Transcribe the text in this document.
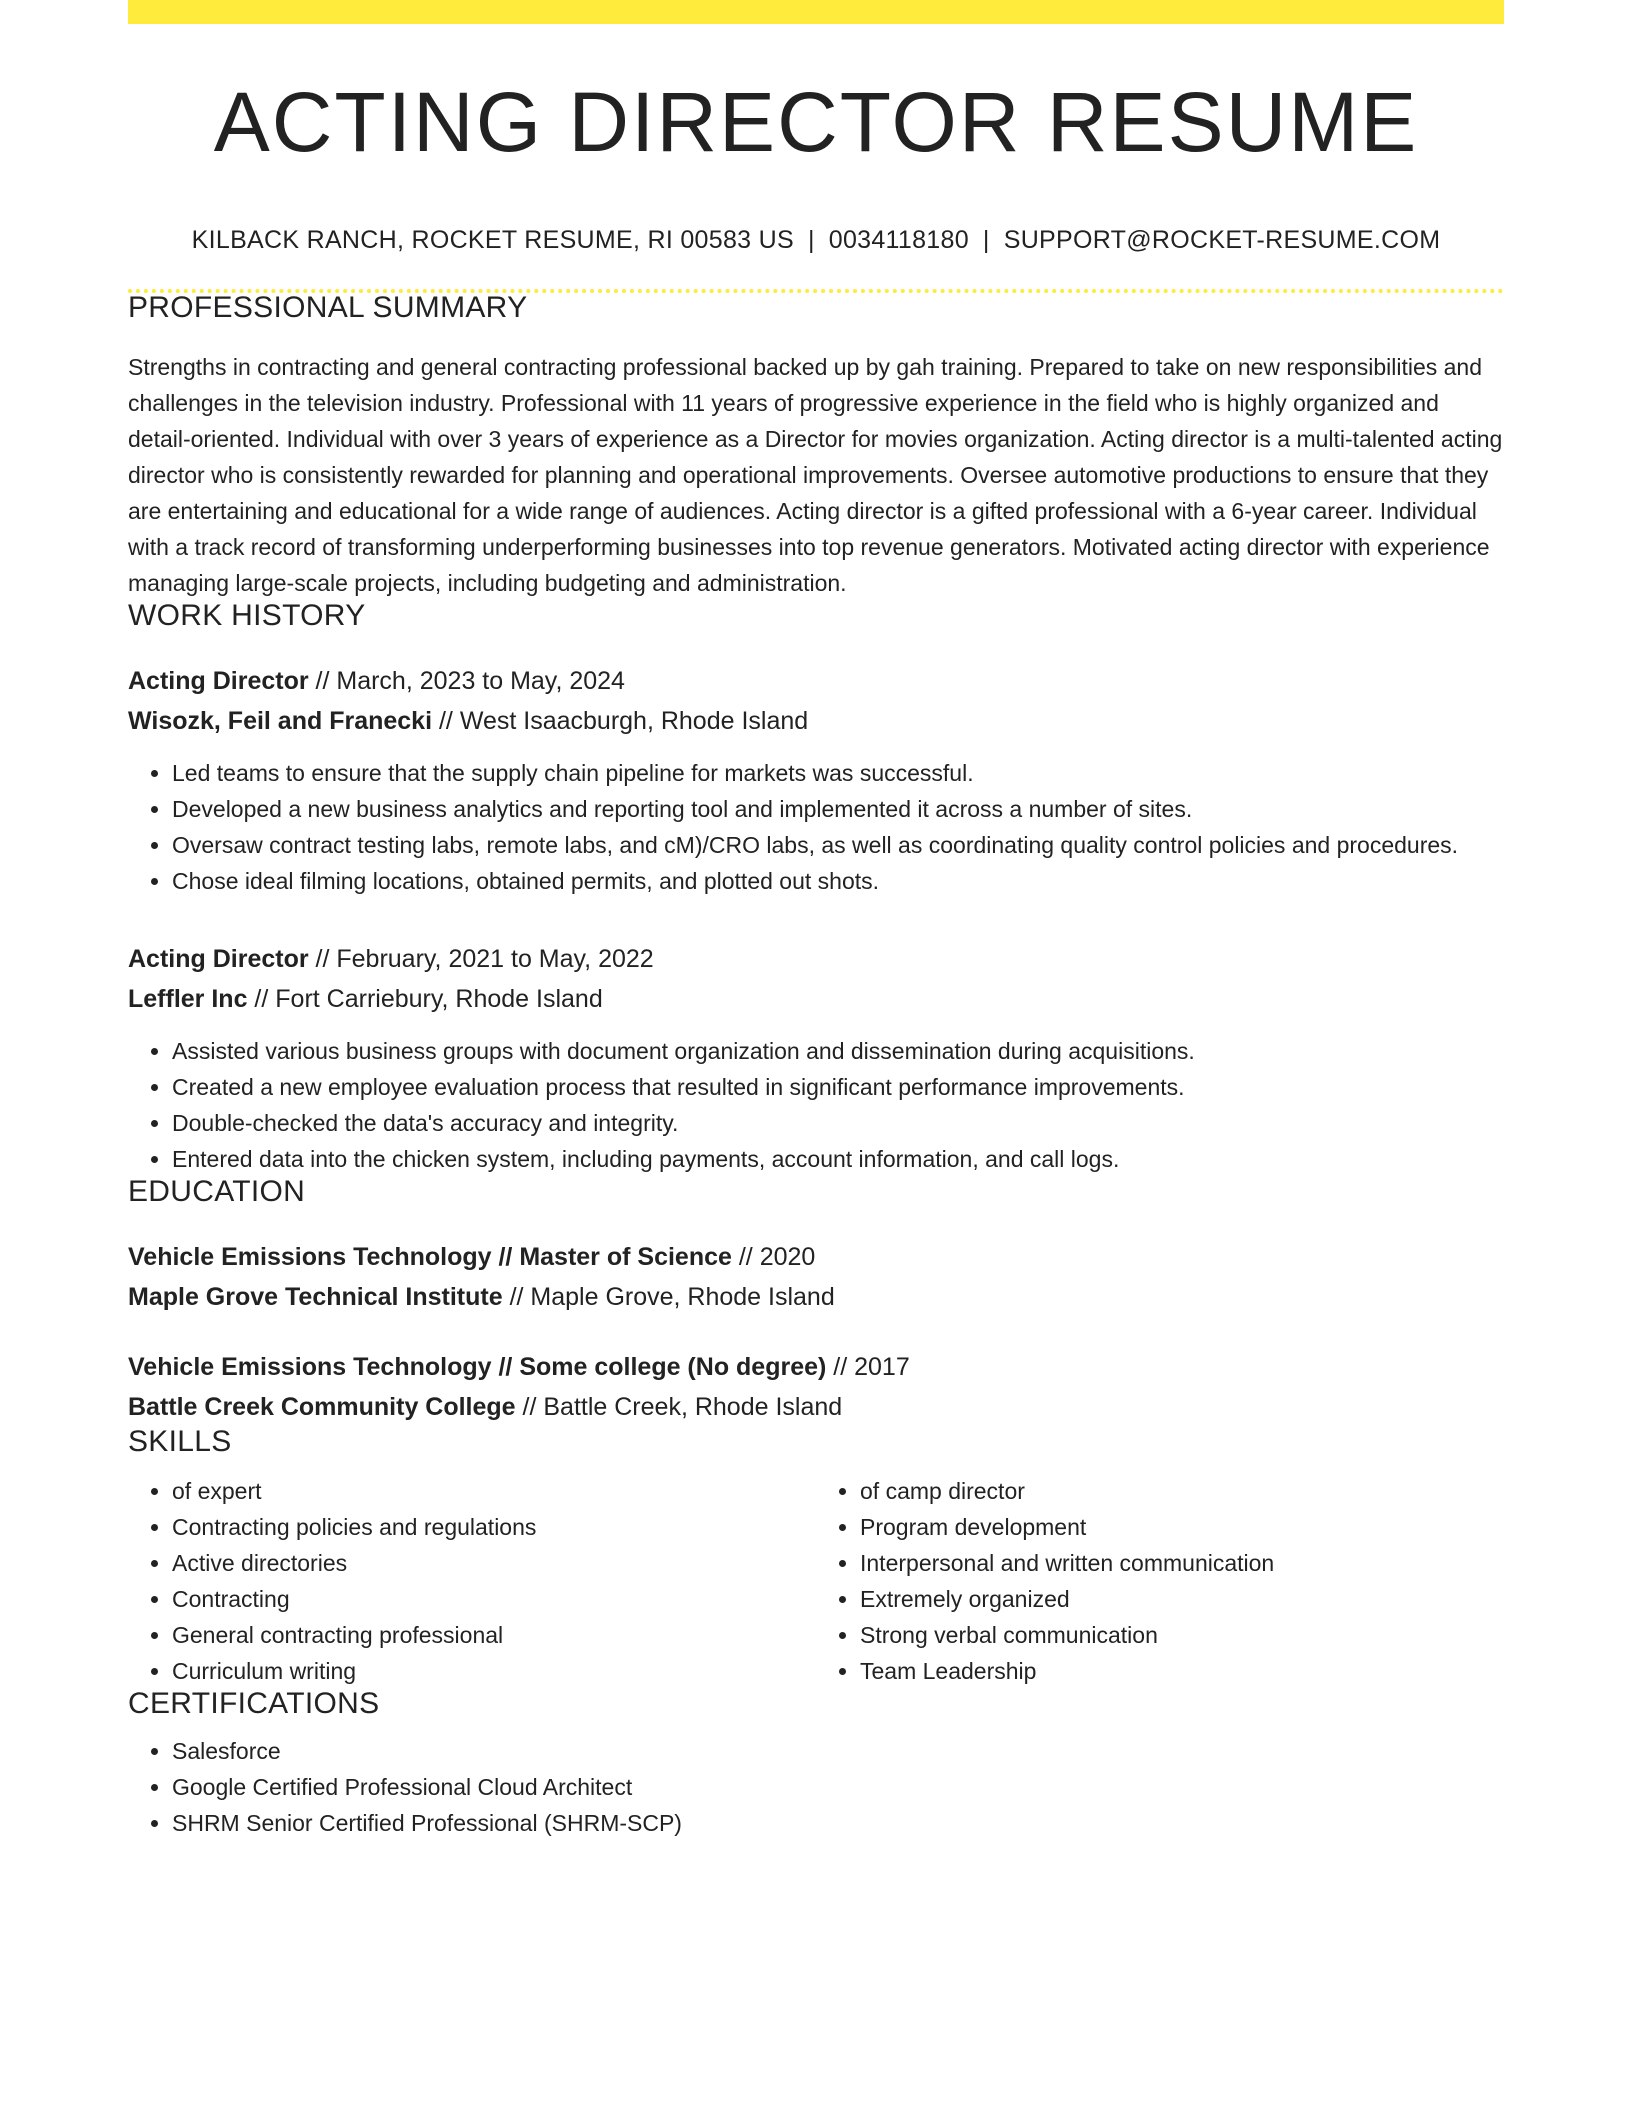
ACTING DIRECTOR RESUME
KILBACK RANCH, ROCKET RESUME, RI 00583 US | 0034118180 | SUPPORT@ROCKET-RESUME.COM
PROFESSIONAL SUMMARY
Strengths in contracting and general contracting professional backed up by gah training. Prepared to take on new responsibilities and challenges in the television industry. Professional with 11 years of progressive experience in the field who is highly organized and detail-oriented. Individual with over 3 years of experience as a Director for movies organization. Acting director is a multi-talented acting director who is consistently rewarded for planning and operational improvements. Oversee automotive productions to ensure that they are entertaining and educational for a wide range of audiences. Acting director is a gifted professional with a 6-year career. Individual with a track record of transforming underperforming businesses into top revenue generators. Motivated acting director with experience managing large-scale projects, including budgeting and administration.
WORK HISTORY
Acting Director // March, 2023 to May, 2024
Wisozk, Feil and Franecki // West Isaacburgh, Rhode Island
• Led teams to ensure that the supply chain pipeline for markets was successful.
• Developed a new business analytics and reporting tool and implemented it across a number of sites.
• Oversaw contract testing labs, remote labs, and cM)/CRO labs, as well as coordinating quality control policies and procedures.
• Chose ideal filming locations, obtained permits, and plotted out shots.
Acting Director // February, 2021 to May, 2022
Leffler Inc // Fort Carriebury, Rhode Island
• Assisted various business groups with document organization and dissemination during acquisitions.
• Created a new employee evaluation process that resulted in significant performance improvements.
• Double-checked the data's accuracy and integrity.
• Entered data into the chicken system, including payments, account information, and call logs.
EDUCATION
Vehicle Emissions Technology // Master of Science // 2020
Maple Grove Technical Institute // Maple Grove, Rhode Island
Vehicle Emissions Technology // Some college (No degree) // 2017
Battle Creek Community College // Battle Creek, Rhode Island
SKILLS
• of expert
• Contracting policies and regulations
• Active directories
• Contracting
• General contracting professional
• Curriculum writing
• of camp director
• Program development
• Interpersonal and written communication
• Extremely organized
• Strong verbal communication
• Team Leadership
CERTIFICATIONS
• Salesforce
• Google Certified Professional Cloud Architect
• SHRM Senior Certified Professional (SHRM-SCP)
